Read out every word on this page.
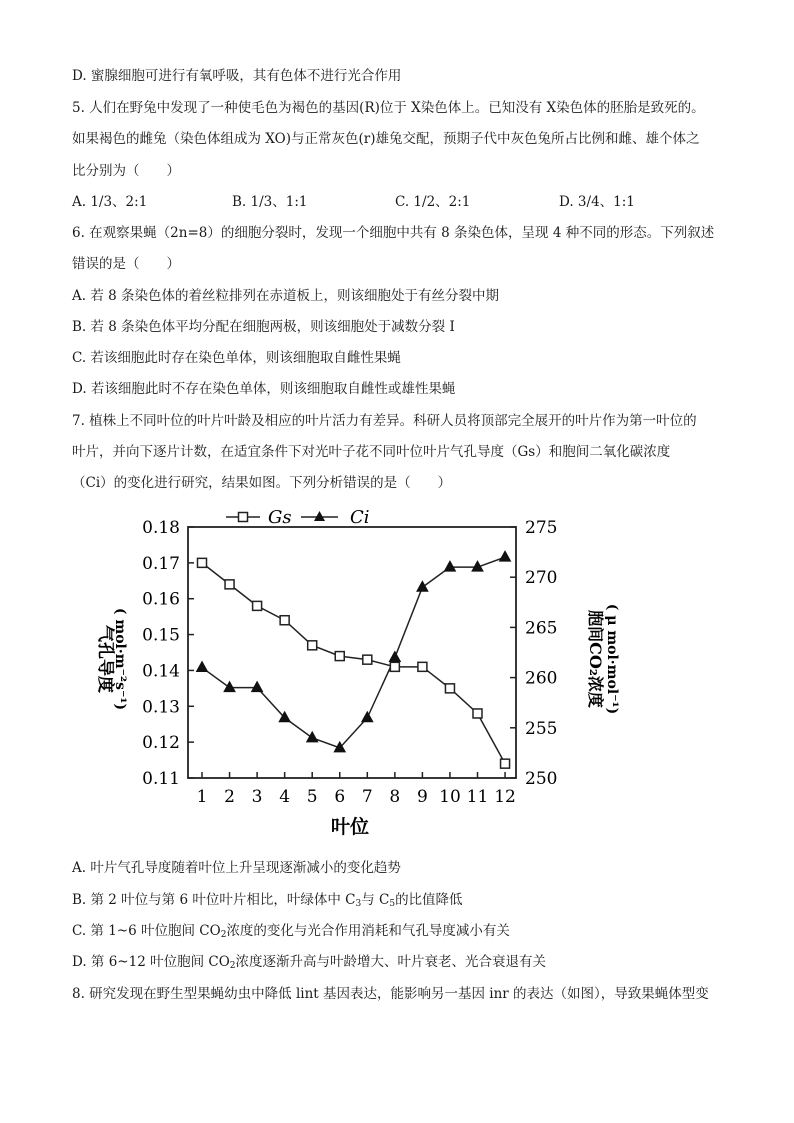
D. 蜜腺细胞可进行有氧呼吸，其有色体不进行光合作用
5. 人们在野兔中发现了一种使毛色为褐色的基因(R)位于 X染色体上。已知没有 X染色体的胚胎是致死的。
如果褐色的雌兔（染色体组成为 XO)与正常灰色(r)雄兔交配，预期子代中灰色兔所占比例和雌、雄个体之
比分别为（　　）
A. 1/3、2:1	B. 1/3、1:1	C. 1/2、2:1	D. 3/4、1:1
6. 在观察果蝇（2n=8）的细胞分裂时，发现一个细胞中共有 8 条染色体，呈现 4 种不同的形态。下列叙述
错误的是（　　）
A. 若 8 条染色体的着丝粒排列在赤道板上，则该细胞处于有丝分裂中期
B. 若 8 条染色体平均分配在细胞两极，则该细胞处于减数分裂 I
C. 若该细胞此时存在染色单体，则该细胞取自雌性果蝇
D. 若该细胞此时不存在染色单体，则该细胞取自雌性或雄性果蝇
7. 植株上不同叶位的叶片叶龄及相应的叶片活力有差异。科研人员将顶部完全展开的叶片作为第一叶位的
叶片，并向下逐片计数，在适宜条件下对光叶子花不同叶位叶片气孔导度（Gs）和胞间二氧化碳浓度
（Ci）的变化进行研究，结果如图。下列分析错误的是（　　）
0.18
0.17
0.16
0.15
0.14
0.13
0.12
0.11
275
270
265
260
255
250
1 2 3 4 5 6 7 8 9 10 11 12
叶位
气孔导度
( mol·m⁻²s⁻¹)	胞间CO₂浓度 ( μ mol·mol⁻¹)
Gs	Ci
A. 叶片气孔导度随着叶位上升呈现逐渐减小的变化趋势
B. 第 2 叶位与第 6 叶位叶片相比，叶绿体中 $C_3$与 $C_5$的比值降低
C. 第 1~6 叶位胞间 $CO_2$浓度的变化与光合作用消耗和气孔导度减小有关
D. 第 6~12 叶位胞间 $CO_2$浓度逐渐升高与叶龄增大、叶片衰老、光合衰退有关
8. 研究发现在野生型果蝇幼虫中降低 lint 基因表达，能影响另一基因 inr 的表达（如图），导致果蝇体型变
